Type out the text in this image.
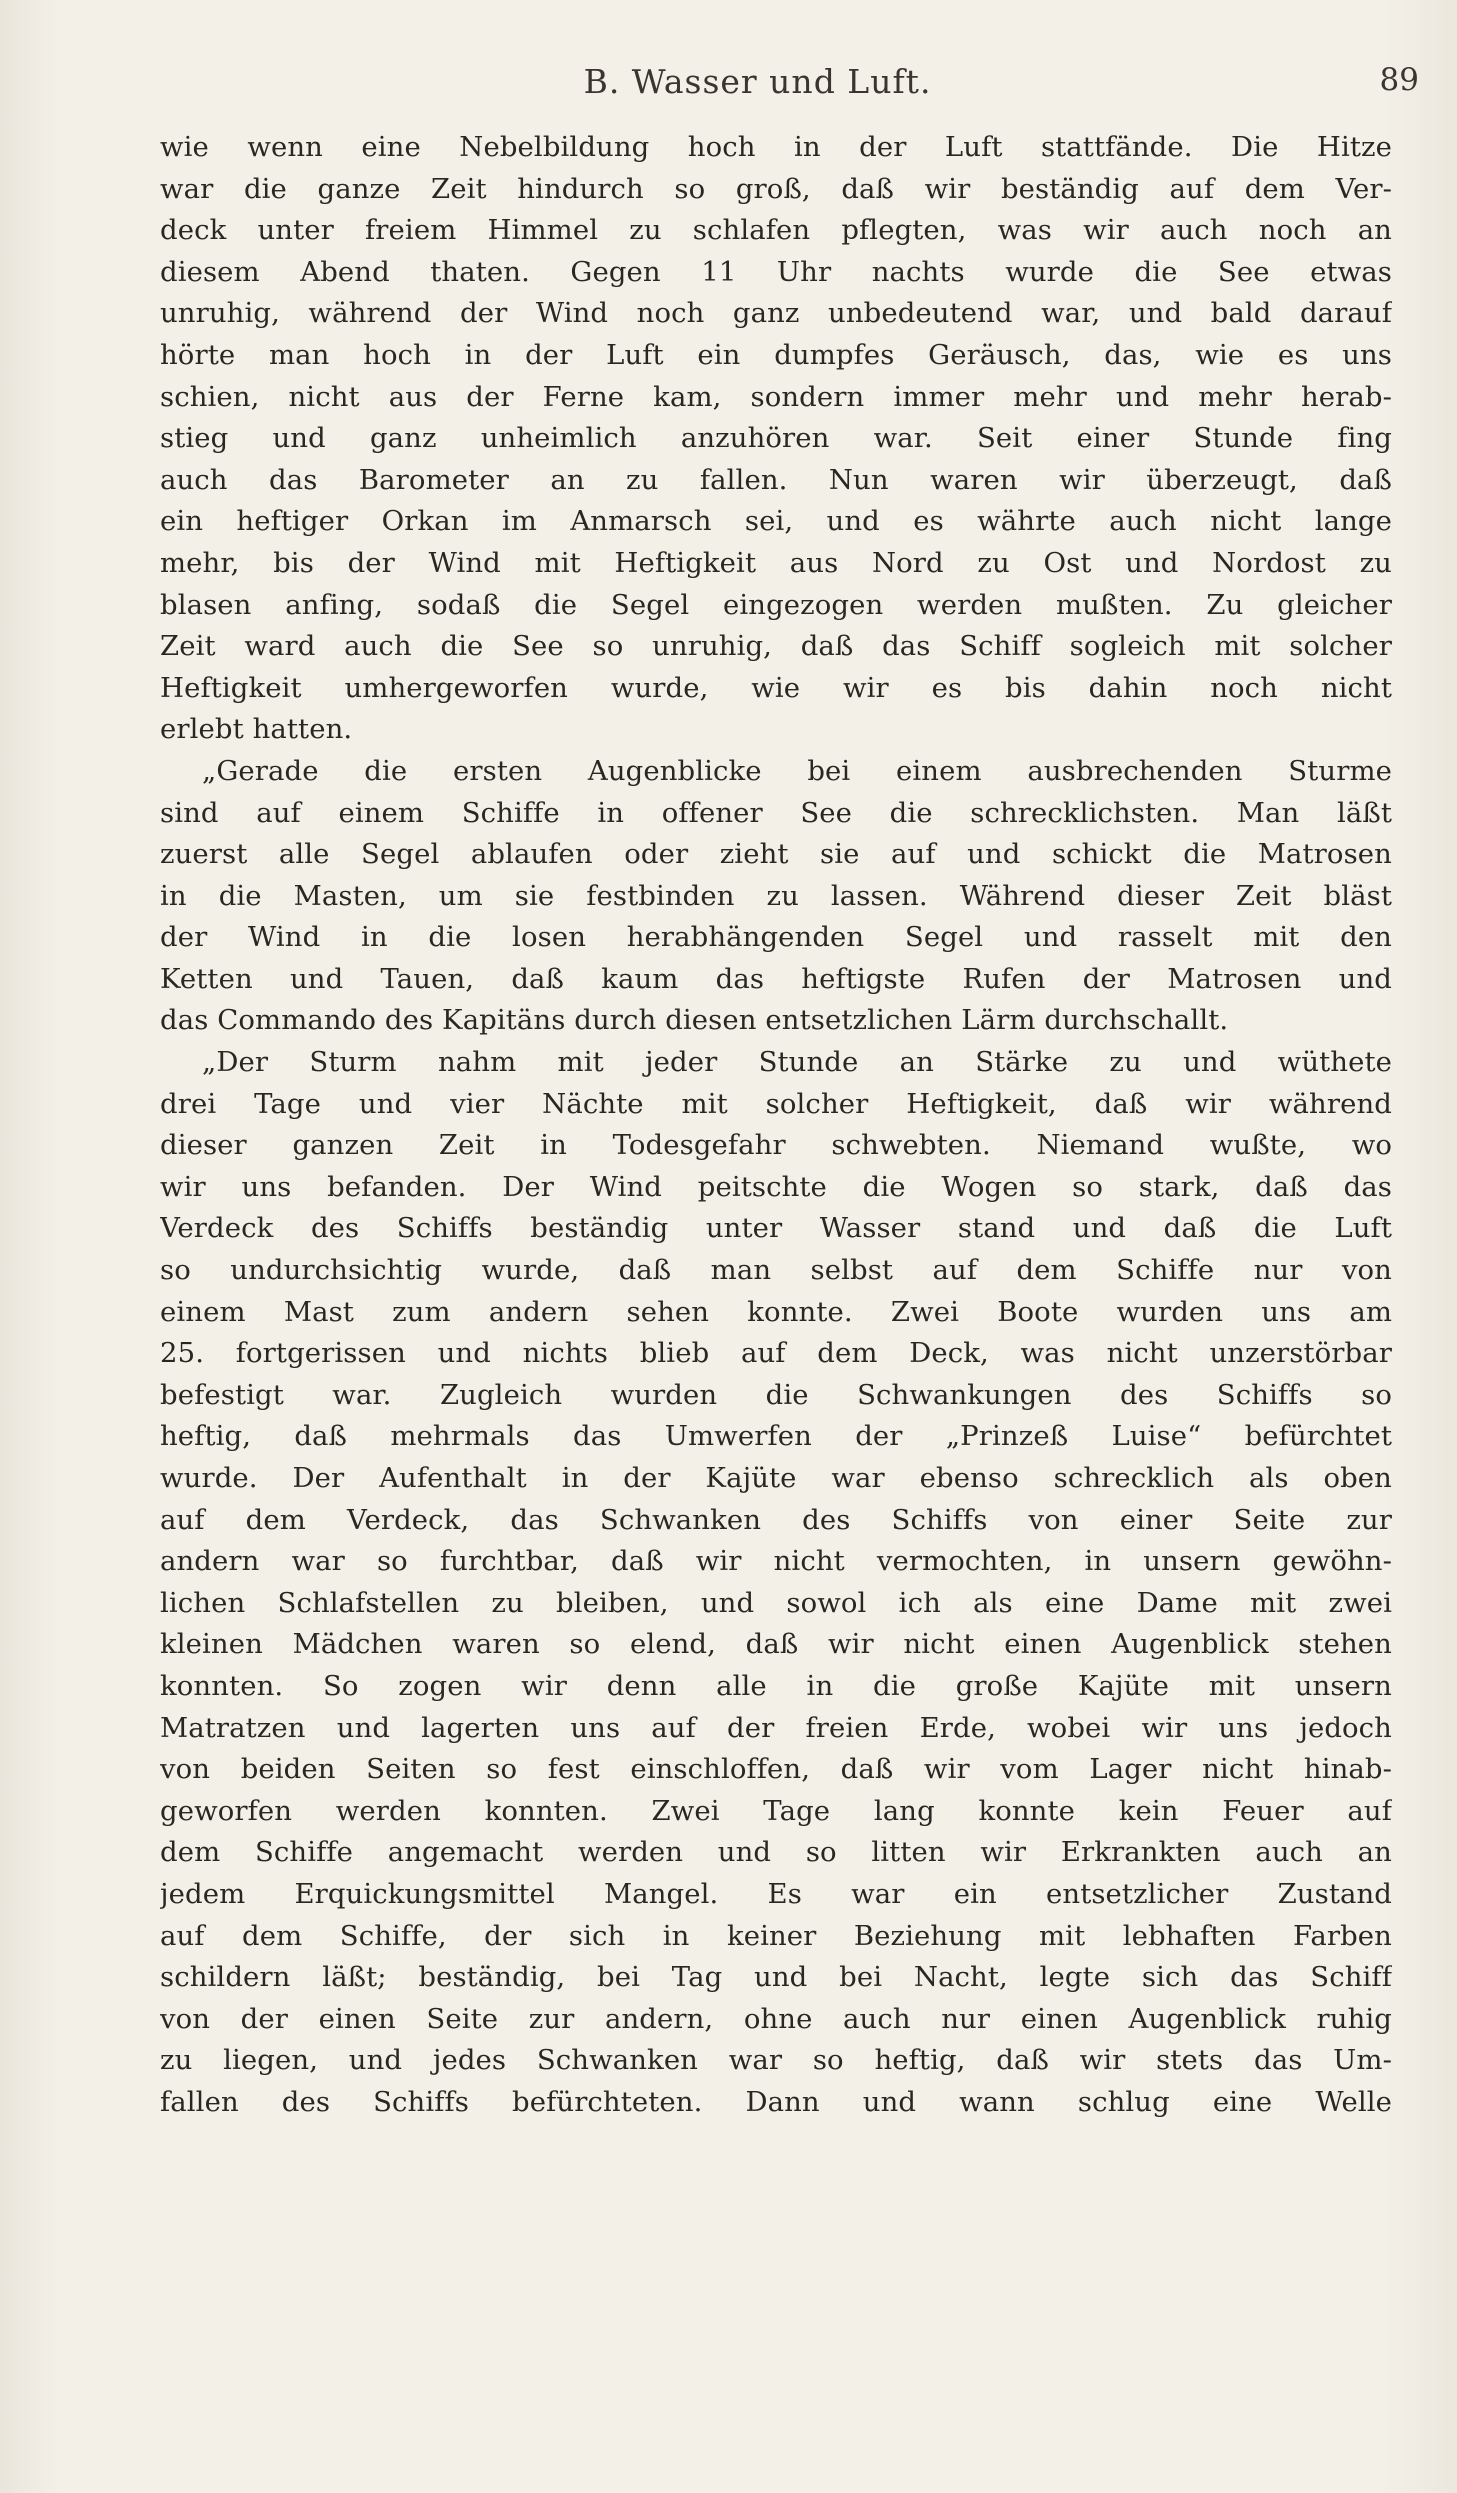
B. Wasser und Luft.	89
wie wenn eine Nebelbildung hoch in der Luft stattfände. Die Hitze
war die ganze Zeit hindurch so groß, daß wir beständig auf dem Ver-
deck unter freiem Himmel zu schlafen pflegten, was wir auch noch an
diesem Abend thaten. Gegen 11 Uhr nachts wurde die See etwas
unruhig, während der Wind noch ganz unbedeutend war, und bald darauf
hörte man hoch in der Luft ein dumpfes Geräusch, das, wie es uns
schien, nicht aus der Ferne kam, sondern immer mehr und mehr herab-
stieg und ganz unheimlich anzuhören war. Seit einer Stunde fing
auch das Barometer an zu fallen. Nun waren wir überzeugt, daß
ein heftiger Orkan im Anmarsch sei, und es währte auch nicht lange
mehr, bis der Wind mit Heftigkeit aus Nord zu Ost und Nordost zu
blasen anfing, sodaß die Segel eingezogen werden mußten. Zu gleicher
Zeit ward auch die See so unruhig, daß das Schiff sogleich mit solcher
Heftigkeit umhergeworfen wurde, wie wir es bis dahin noch nicht
erlebt hatten.
„Gerade die ersten Augenblicke bei einem ausbrechenden Sturme
sind auf einem Schiffe in offener See die schrecklichsten. Man läßt
zuerst alle Segel ablaufen oder zieht sie auf und schickt die Matrosen
in die Masten, um sie festbinden zu lassen. Während dieser Zeit bläst
der Wind in die losen herabhängenden Segel und rasselt mit den
Ketten und Tauen, daß kaum das heftigste Rufen der Matrosen und
das Commando des Kapitäns durch diesen entsetzlichen Lärm durchschallt.
„Der Sturm nahm mit jeder Stunde an Stärke zu und wüthete
drei Tage und vier Nächte mit solcher Heftigkeit, daß wir während
dieser ganzen Zeit in Todesgefahr schwebten. Niemand wußte, wo
wir uns befanden. Der Wind peitschte die Wogen so stark, daß das
Verdeck des Schiffs beständig unter Wasser stand und daß die Luft
so undurchsichtig wurde, daß man selbst auf dem Schiffe nur von
einem Mast zum andern sehen konnte. Zwei Boote wurden uns am
25. fortgerissen und nichts blieb auf dem Deck, was nicht unzerstörbar
befestigt war. Zugleich wurden die Schwankungen des Schiffs so
heftig, daß mehrmals das Umwerfen der „Prinzeß Luise“ befürchtet
wurde. Der Aufenthalt in der Kajüte war ebenso schrecklich als oben
auf dem Verdeck, das Schwanken des Schiffs von einer Seite zur
andern war so furchtbar, daß wir nicht vermochten, in unsern gewöhn-
lichen Schlafstellen zu bleiben, und sowol ich als eine Dame mit zwei
kleinen Mädchen waren so elend, daß wir nicht einen Augenblick stehen
konnten. So zogen wir denn alle in die große Kajüte mit unsern
Matratzen und lagerten uns auf der freien Erde, wobei wir uns jedoch
von beiden Seiten so fest einschloffen, daß wir vom Lager nicht hinab-
geworfen werden konnten. Zwei Tage lang konnte kein Feuer auf
dem Schiffe angemacht werden und so litten wir Erkrankten auch an
jedem Erquickungsmittel Mangel. Es war ein entsetzlicher Zustand
auf dem Schiffe, der sich in keiner Beziehung mit lebhaften Farben
schildern läßt; beständig, bei Tag und bei Nacht, legte sich das Schiff
von der einen Seite zur andern, ohne auch nur einen Augenblick ruhig
zu liegen, und jedes Schwanken war so heftig, daß wir stets das Um-
fallen des Schiffs befürchteten. Dann und wann schlug eine Welle
